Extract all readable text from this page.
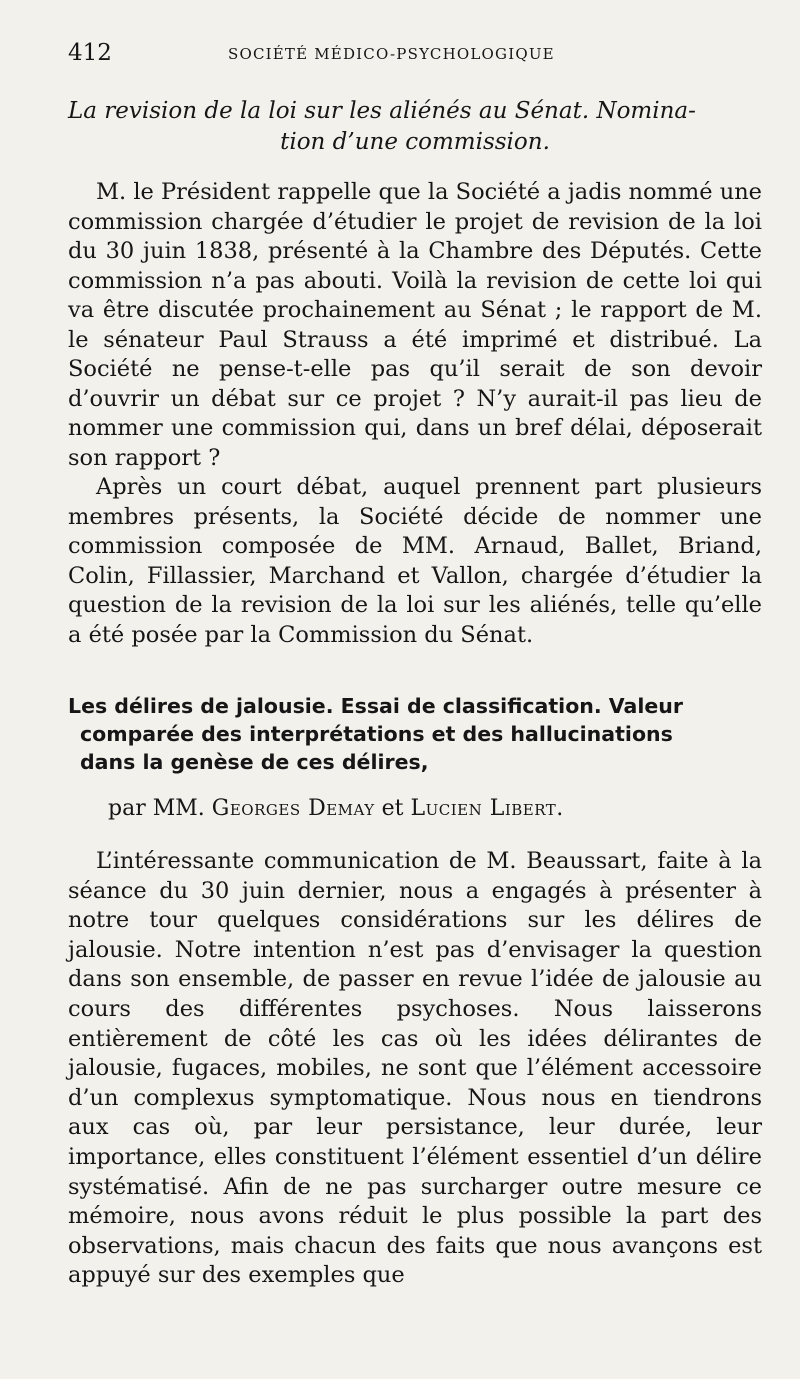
412	SOCIÉTÉ MÉDICO-PSYCHOLOGIQUE
La revision de la loi sur les aliénés au Sénat. Nomina-
tion d’une commission.

M. le Président rappelle que la Société a jadis nommé une commission chargée d’étudier le projet de revision de la loi du 30 juin 1838, présenté à la Chambre des Députés. Cette commission n’a pas abouti. Voilà la revision de cette loi qui va être discutée prochainement au Sénat ; le rapport de M. le sénateur Paul Strauss a été imprimé et distribué. La Société ne pense-t-elle pas qu’il serait de son devoir d’ouvrir un débat sur ce projet ? N’y aurait-il pas lieu de nommer une commission qui, dans un bref délai, déposerait son rapport ?

Après un court débat, auquel prennent part plusieurs membres présents, la Société décide de nommer une commission composée de MM. Arnaud, Ballet, Briand, Colin, Fillassier, Marchand et Vallon, chargée d’étudier la question de la revision de la loi sur les aliénés, telle qu’elle a été posée par la Commission du Sénat.

Les délires de jalousie. Essai de classification. Valeur
comparée des interprétations et des hallucinations
dans la genèse de ces délires,
par MM. Georges Demay et Lucien Libert.

L’intéressante communication de M. Beaussart, faite à la séance du 30 juin dernier, nous a engagés à présenter à notre tour quelques considérations sur les délires de jalousie. Notre intention n’est pas d’envisager la question dans son ensemble, de passer en revue l’idée de jalousie au cours des différentes psychoses. Nous laisserons entièrement de côté les cas où les idées délirantes de jalousie, fugaces, mobiles, ne sont que l’élément accessoire d’un complexus symptomatique. Nous nous en tiendrons aux cas où, par leur persistance, leur durée, leur importance, elles constituent l’élément essentiel d’un délire systématisé. Afin de ne pas surcharger outre mesure ce mémoire, nous avons réduit le plus possible la part des observations, mais chacun des faits que nous avançons est appuyé sur des exemples que
